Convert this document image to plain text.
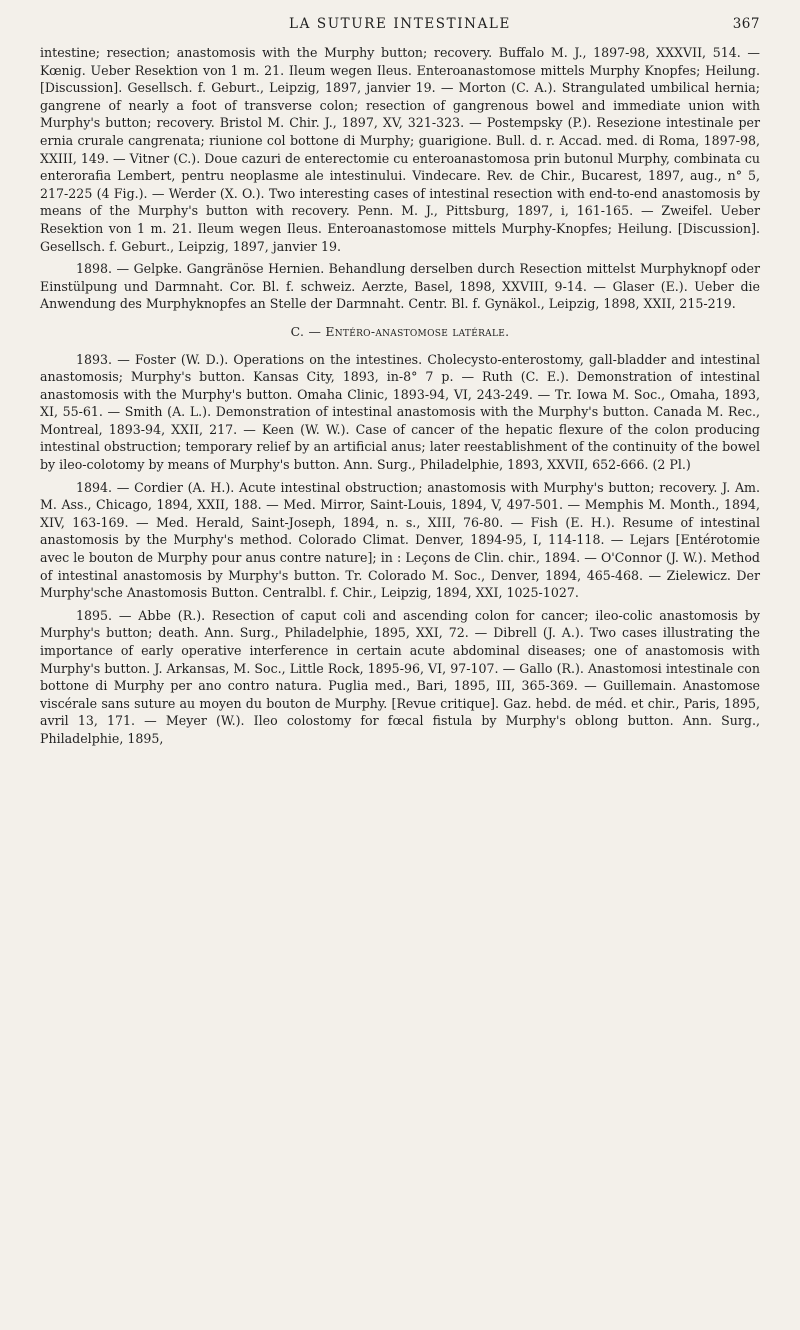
LA SUTURE INTESTINALE	367

intestine; resection; anastomosis with the Murphy button; recovery. Buffalo M. J., 1897-98, XXXVII, 514. — Kœnig. Ueber Resektion von 1 m. 21. Ileum wegen Ileus. Enteroanastomose mittels Murphy Knopfes; Heilung. [Discussion]. Gesellsch. f. Geburt., Leipzig, 1897, janvier 19. — Morton (C. A.). Strangulated umbilical hernia; gangrene of nearly a foot of transverse colon; resection of gangrenous bowel and immediate union with Murphy's button; recovery. Bristol M. Chir. J., 1897, XV, 321-323. — Postempsky (P.). Resezione intestinale per ernia crurale cangrenata; riunione col bottone di Murphy; guarigione. Bull. d. r. Accad. med. di Roma, 1897-98, XXIII, 149. — Vitner (C.). Doue cazuri de enterectomie cu enteroanastomosa prin butonul Murphy, combinata cu enterorafia Lembert, pentru neoplasme ale intestinului. Vindecare. Rev. de Chir., Bucarest, 1897, aug., n° 5, 217-225 (4 Fig.). — Werder (X. O.). Two interesting cases of intestinal resection with end-to-end anastomosis by means of the Murphy's button with recovery. Penn. M. J., Pittsburg, 1897, i, 161-165. — Zweifel. Ueber Resektion von 1 m. 21. Ileum wegen Ileus. Enteroanastomose mittels Murphy-Knopfes; Heilung. [Discussion]. Gesellsch. f. Geburt., Leipzig, 1897, janvier 19.

1898. — Gelpke. Gangränöse Hernien. Behandlung derselben durch Resection mittelst Murphyknopf oder Einstülpung und Darmnaht. Cor. Bl. f. schweiz. Aerzte, Basel, 1898, XXVIII, 9-14. — Glaser (E.). Ueber die Anwendung des Murphyknopfes an Stelle der Darmnaht. Centr. Bl. f. Gynäkol., Leipzig, 1898, XXII, 215-219.

C. — Entéro-anastomose latérale.

1893. — Foster (W. D.). Operations on the intestines. Cholecysto-enterostomy, gall-bladder and intestinal anastomosis; Murphy's button. Kansas City, 1893, in-8° 7 p. — Ruth (C. E.). Demonstration of intestinal anastomosis with the Murphy's button. Omaha Clinic, 1893-94, VI, 243-249. — Tr. Iowa M. Soc., Omaha, 1893, XI, 55-61. — Smith (A. L.). Demonstration of intestinal anastomosis with the Murphy's button. Canada M. Rec., Montreal, 1893-94, XXII, 217. — Keen (W. W.). Case of cancer of the hepatic flexure of the colon producing intestinal obstruction; temporary relief by an artificial anus; later reestablishment of the continuity of the bowel by ileo-colotomy by means of Murphy's button. Ann. Surg., Philadelphie, 1893, XXVII, 652-666. (2 Pl.)

1894. — Cordier (A. H.). Acute intestinal obstruction; anastomosis with Murphy's button; recovery. J. Am. M. Ass., Chicago, 1894, XXII, 188. — Med. Mirror, Saint-Louis, 1894, V, 497-501. — Memphis M. Month., 1894, XIV, 163-169. — Med. Herald, Saint-Joseph, 1894, n. s., XIII, 76-80. — Fish (E. H.). Resume of intestinal anastomosis by the Murphy's method. Colorado Climat. Denver, 1894-95, I, 114-118. — Lejars [Entérotomie avec le bouton de Murphy pour anus contre nature]; in : Leçons de Clin. chir., 1894. — O'Connor (J. W.). Method of intestinal anastomosis by Murphy's button. Tr. Colorado M. Soc., Denver, 1894, 465-468. — Zielewicz. Der Murphy'sche Anastomosis Button. Centralbl. f. Chir., Leipzig, 1894, XXI, 1025-1027.

1895. — Abbe (R.). Resection of caput coli and ascending colon for cancer; ileo-colic anastomosis by Murphy's button; death. Ann. Surg., Philadelphie, 1895, XXI, 72. — Dibrell (J. A.). Two cases illustrating the importance of early operative interference in certain acute abdominal diseases; one of anastomosis with Murphy's button. J. Arkansas, M. Soc., Little Rock, 1895-96, VI, 97-107. — Gallo (R.). Anastomosi intestinale con bottone di Murphy per ano contro natura. Puglia med., Bari, 1895, III, 365-369. — Guillemain. Anastomose viscérale sans suture au moyen du bouton de Murphy. [Revue critique]. Gaz. hebd. de méd. et chir., Paris, 1895, avril 13, 171. — Meyer (W.). Ileo colostomy for fœcal fistula by Murphy's oblong button. Ann. Surg., Philadelphie, 1895,
